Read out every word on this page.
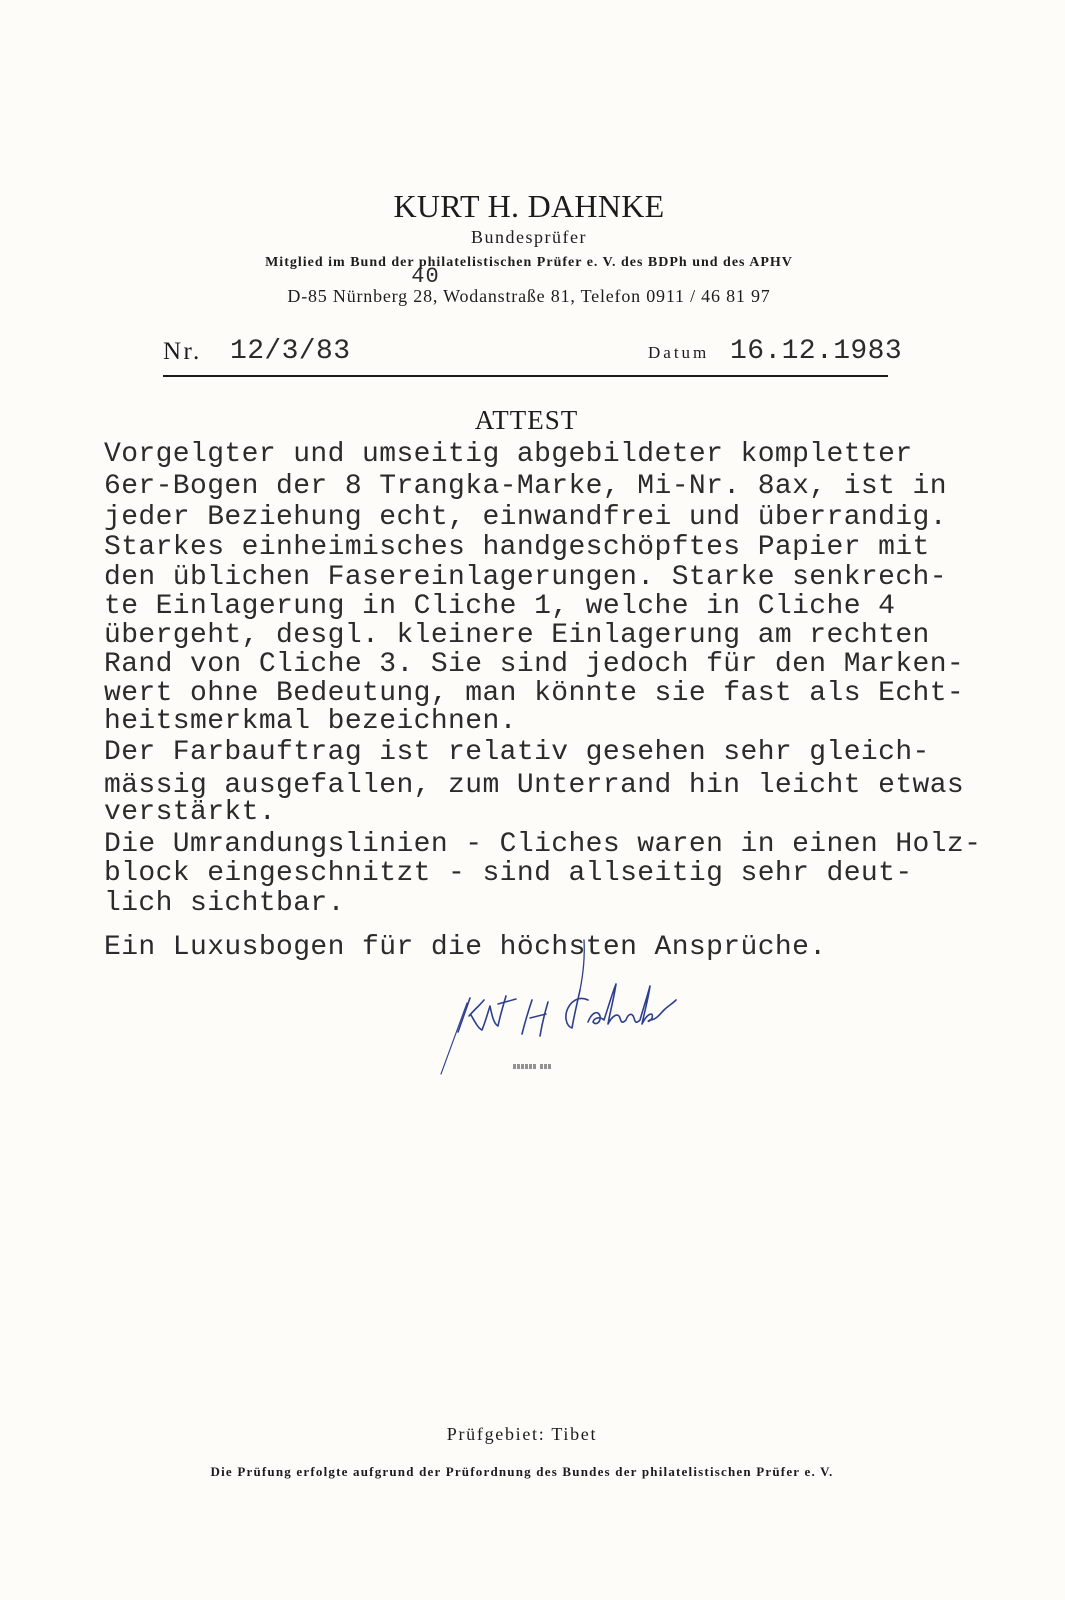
KURT H. DAHNKE
Bundesprüfer
Mitglied im Bund der philatelistischen Prüfer e. V. des BDPh und des APHV
D-85 Nürnberg 28
40
, Wodanstraße 81, Telefon 0911 / 46 81 97
Nr. 12/3/83	Datum 16.12.1983
ATTEST
Vorgelgter und umseitig abgebildeter kompletter
6er-Bogen der 8 Trangka-Marke, Mi-Nr. 8ax, ist in
jeder Beziehung echt, einwandfrei und überrandig.
Starkes einheimisches handgeschöpftes Papier mit
den üblichen Fasereinlagerungen. Starke senkrech-
te Einlagerung in Cliche 1, welche in Cliche 4
übergeht, desgl. kleinere Einlagerung am rechten
Rand von Cliche 3. Sie sind jedoch für den Marken-
wert ohne Bedeutung, man könnte sie fast als Echt-
heitsmerkmal bezeichnen.
Der Farbauftrag ist relativ gesehen sehr gleich-
mässig ausgefallen, zum Unterrand hin leicht etwas
verstärkt.
Die Umrandungslinien - Cliches waren in einen Holz-
block eingeschnitzt - sind allseitig sehr deut-
lich sichtbar.
Ein Luxusbogen für die höchsten Ansprüche.
Prüfgebiet: Tibet
Die Prüfung erfolgte aufgrund der Prüfordnung des Bundes der philatelistischen Prüfer e. V.
